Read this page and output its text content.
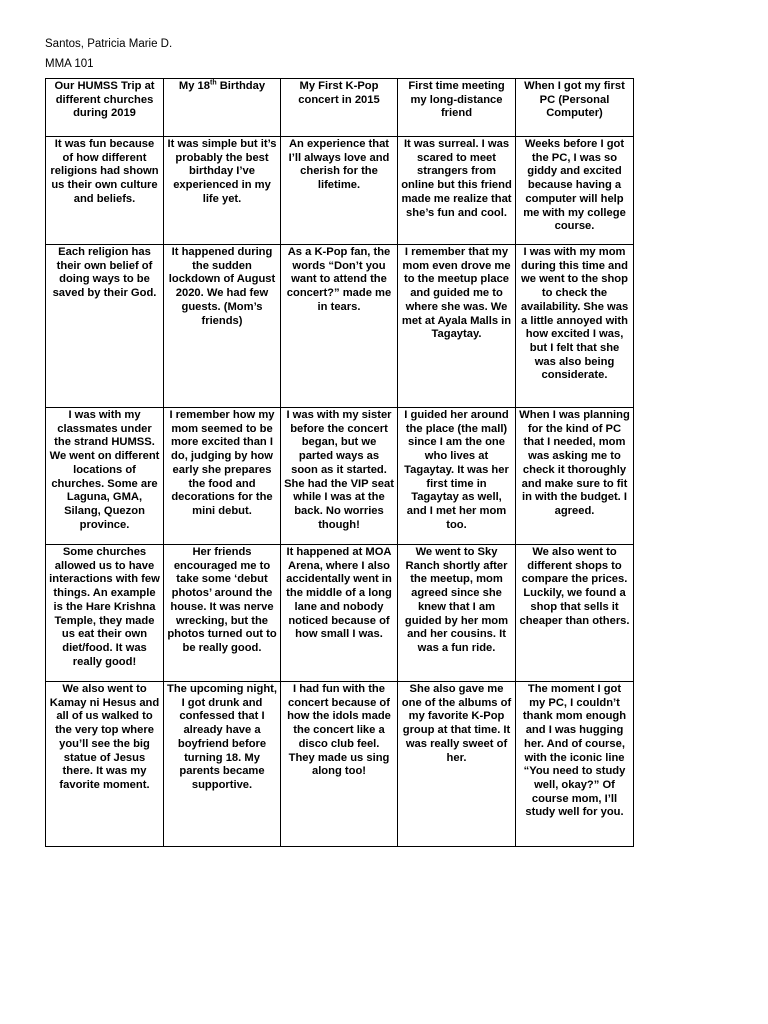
Santos, Patricia Marie D.
MMA 101
Our HUMSS Trip at different churches during 2019	My 18th Birthday	My First K-Pop concert in 2015	First time meeting my long-distance friend	When I got my first PC (Personal Computer)
It was fun because of how different religions had shown us their own culture and beliefs.	It was simple but it’s probably the best birthday I’ve experienced in my life yet.	An experience that I’ll always love and cherish for the lifetime.	It was surreal. I was scared to meet strangers from online but this friend made me realize that she’s fun and cool.	Weeks before I got the PC, I was so giddy and excited because having a computer will help me with my college course.
Each religion has their own belief of doing ways to be saved by their God.	It happened during the sudden lockdown of August 2020. We had few guests. (Mom’s friends)	As a K-Pop fan, the words “Don’t you want to attend the concert?” made me in tears.	I remember that my mom even drove me to the meetup place and guided me to where she was. We met at Ayala Malls in Tagaytay.	I was with my mom during this time and we went to the shop to check the availability. She was a little annoyed with how excited I was, but I felt that she was also being considerate.
I was with my classmates under the strand HUMSS. We went on different locations of churches. Some are Laguna, GMA, Silang, Quezon province.	I remember how my mom seemed to be more excited than I do, judging by how early she prepares the food and decorations for the mini debut.	I was with my sister before the concert began, but we parted ways as soon as it started. She had the VIP seat while I was at the back. No worries though!	I guided her around the place (the mall) since I am the one who lives at Tagaytay. It was her first time in Tagaytay as well, and I met her mom too.	When I was planning for the kind of PC that I needed, mom was asking me to check it thoroughly and make sure to fit in with the budget. I agreed.
Some churches allowed us to have interactions with few things. An example is the Hare Krishna Temple, they made us eat their own diet/food. It was really good!	Her friends encouraged me to take some ‘debut photos’ around the house. It was nerve wrecking, but the photos turned out to be really good.	It happened at MOA Arena, where I also accidentally went in the middle of a long lane and nobody noticed because of how small I was.	We went to Sky Ranch shortly after the meetup, mom agreed since she knew that I am guided by her mom and her cousins. It was a fun ride.	We also went to different shops to compare the prices. Luckily, we found a shop that sells it cheaper than others.
We also went to Kamay ni Hesus and all of us walked to the very top where you’ll see the big statue of Jesus there. It was my favorite moment.	The upcoming night, I got drunk and confessed that I already have a boyfriend before turning 18. My parents became supportive.	I had fun with the concert because of how the idols made the concert like a disco club feel. They made us sing along too!	She also gave me one of the albums of my favorite K-Pop group at that time. It was really sweet of her.	The moment I got my PC, I couldn’t thank mom enough and I was hugging her. And of course, with the iconic line “You need to study well, okay?” Of course mom, I’ll study well for you.
